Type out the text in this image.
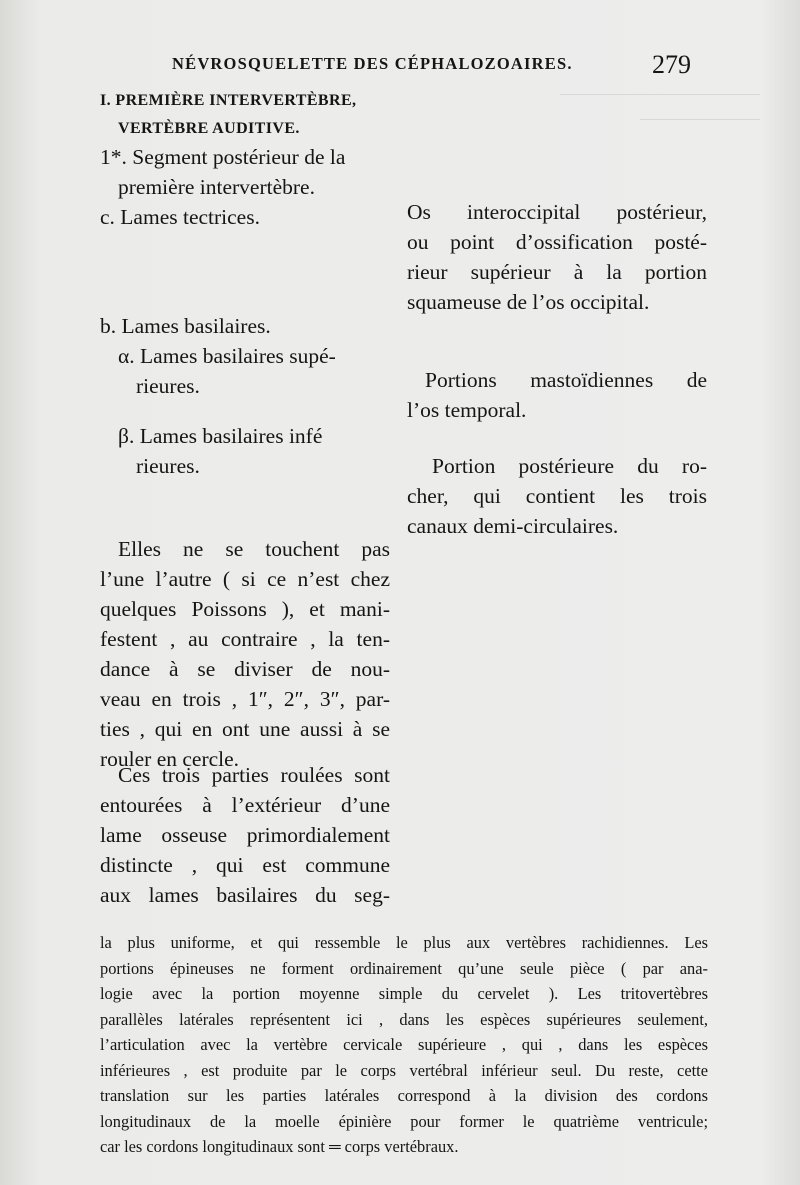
NÉVROSQUELETTE DES CÉPHALOZOAIRES.	279
I. PREMIÈRE INTERVERTÈBRE,
VERTÈBRE AUDITIVE.
1*. Segment postérieur de la
première intervertèbre.
c. Lames tectrices.
b. Lames basilaires.
α. Lames basilaires supé-
rieures.
β. Lames basilaires infé
rieures.
Elles ne se touchent pas
l’une l’autre ( si ce n’est chez
quelques Poissons ), et mani-
festent , au contraire , la ten-
dance à se diviser de nou-
veau en trois , 1″, 2″, 3″, par-
ties , qui en ont une aussi à se
rouler en cercle.
Ces trois parties roulées sont
entourées à l’extérieur d’une
lame osseuse primordialement
distincte , qui est commune
aux lames basilaires du seg-
Os interoccipital postérieur,
ou point d’ossification posté-
rieur supérieur à la portion
squameuse de l’os occipital.
Portions mastoïdiennes de
l’os temporal.
Portion postérieure du ro-
cher, qui contient les trois
canaux demi-circulaires.
la plus uniforme, et qui ressemble le plus aux vertèbres rachidiennes. Les
portions épineuses ne forment ordinairement qu’une seule pièce ( par ana-
logie avec la portion moyenne simple du cervelet ). Les tritovertèbres
parallèles latérales représentent ici , dans les espèces supérieures seulement,
l’articulation avec la vertèbre cervicale supérieure , qui , dans les espèces
inférieures , est produite par le corps vertébral inférieur seul. Du reste, cette
translation sur les parties latérales correspond à la division des cordons
longitudinaux de la moelle épinière pour former le quatrième ventricule;
car les cordons longitudinaux sont ═ corps vertébraux.
